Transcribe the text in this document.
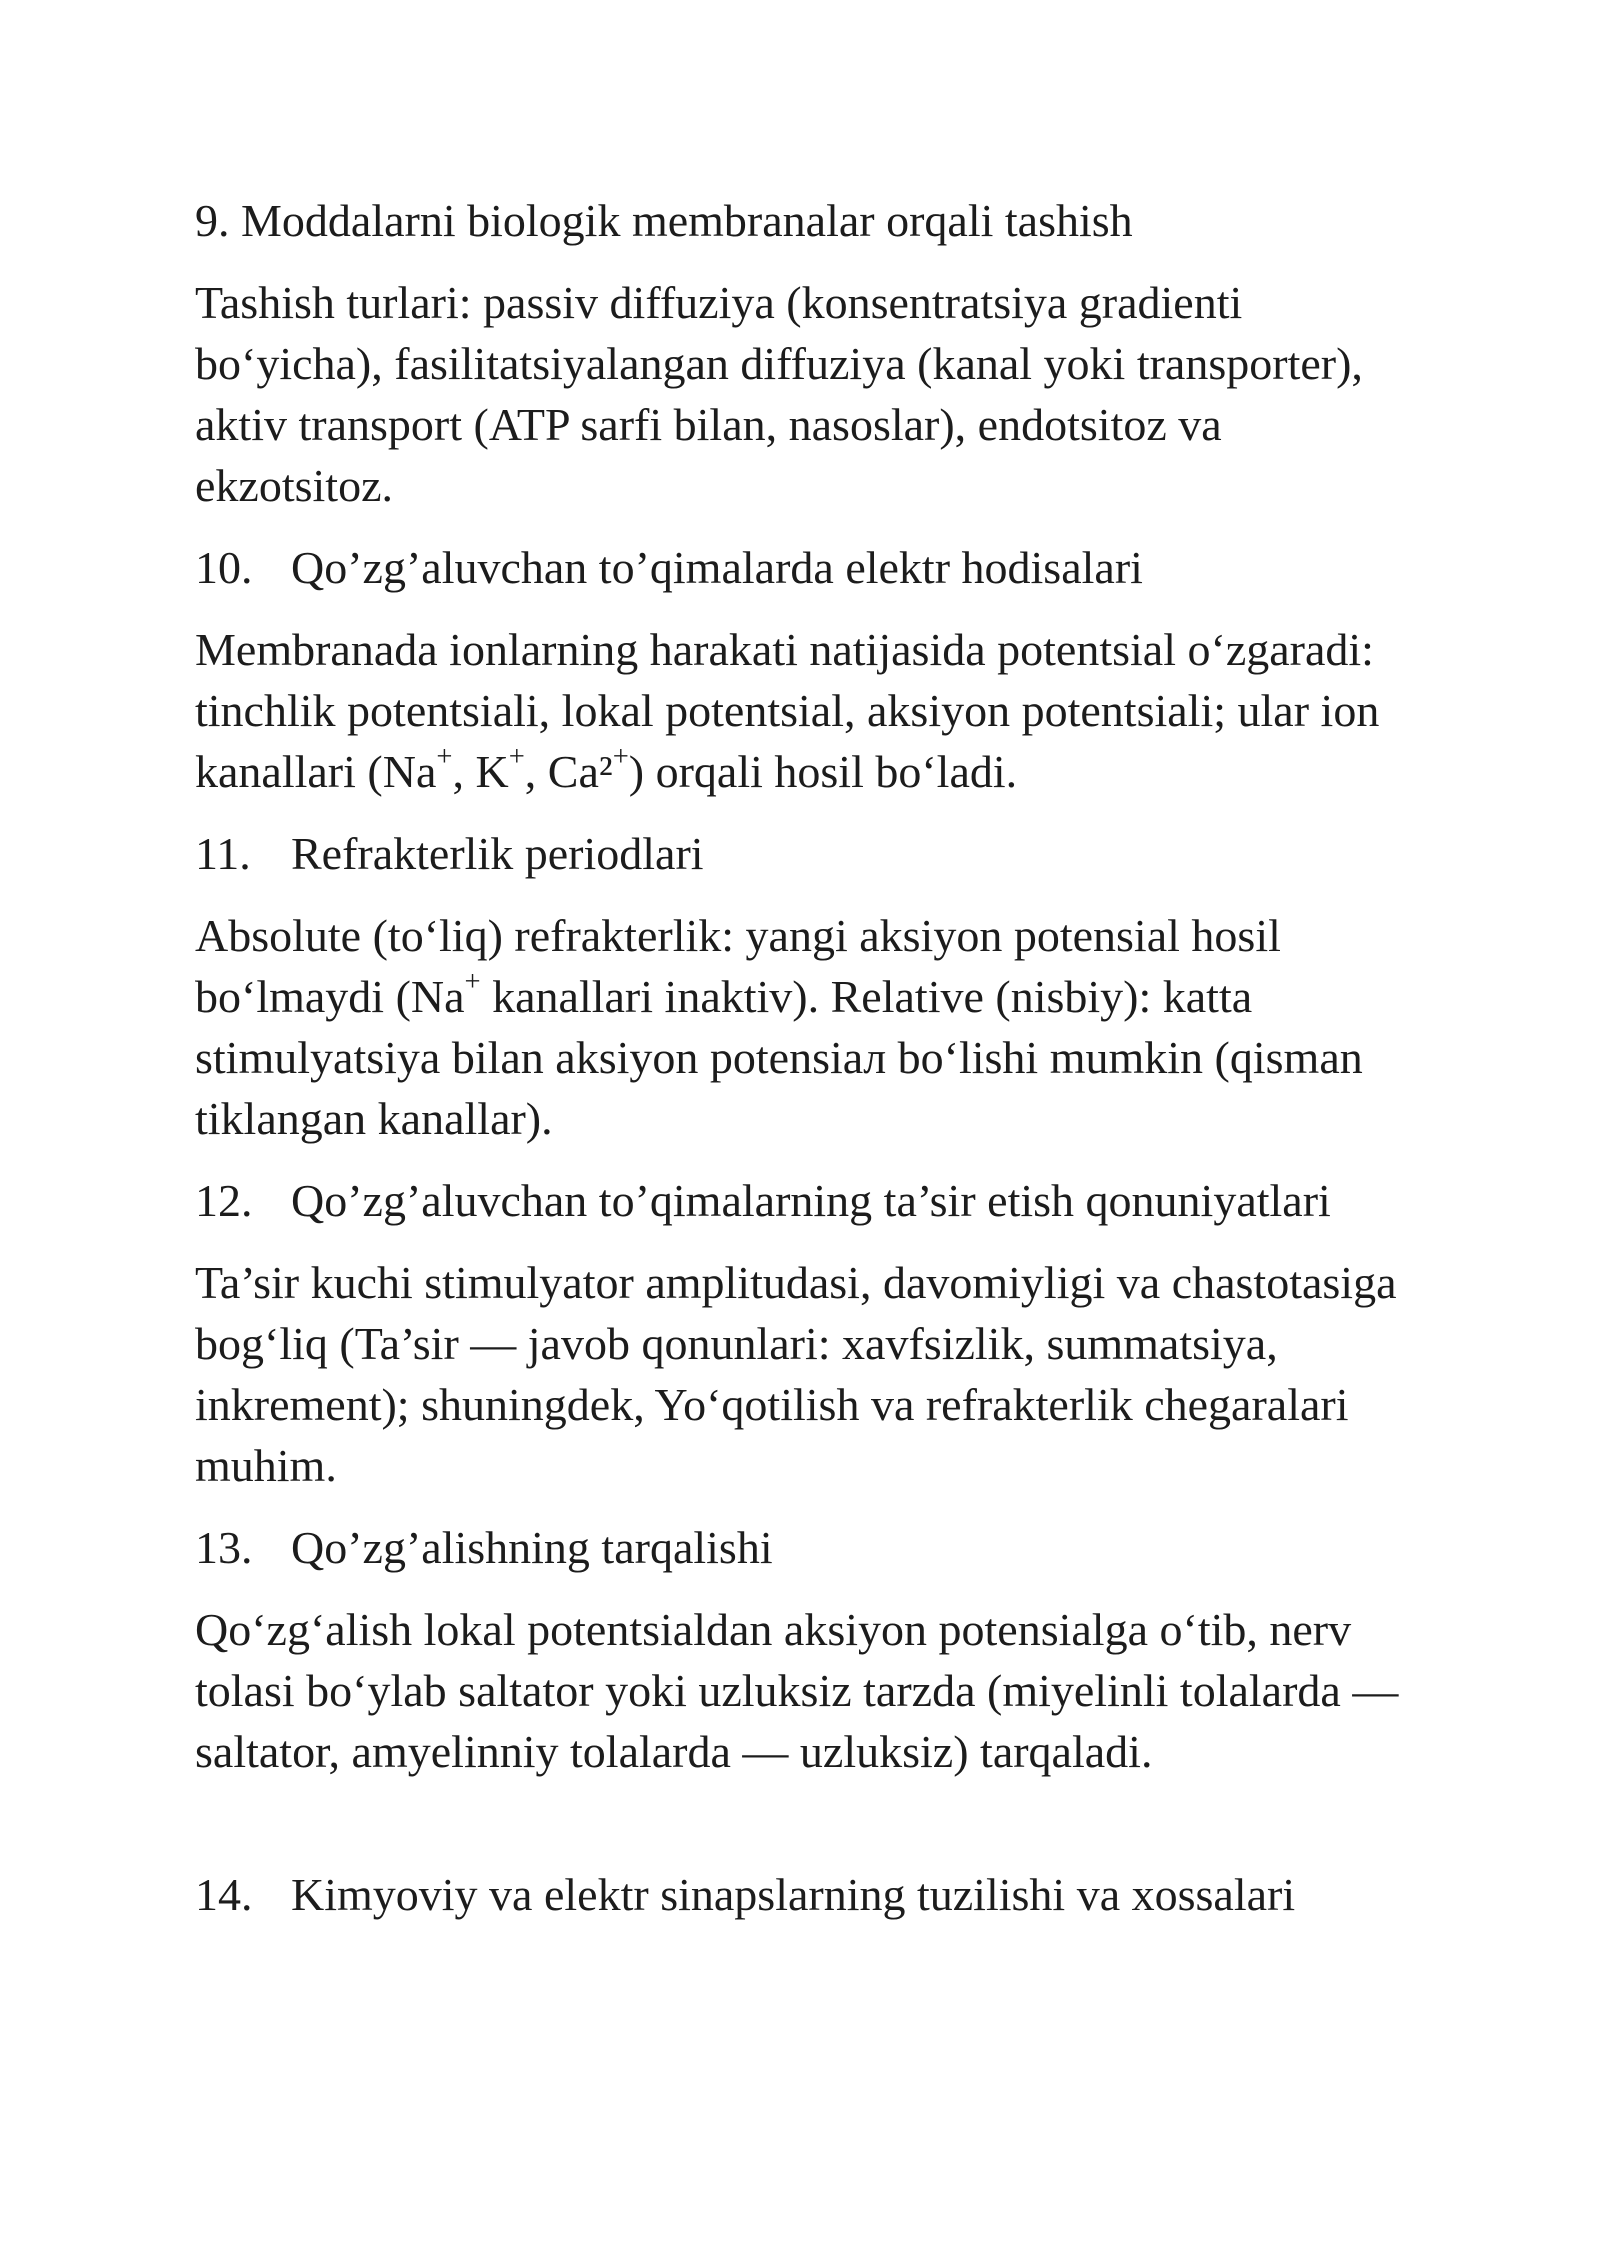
9. Moddalarni biologik membranalar orqali tashish

Tashish turlari: passiv diffuziya (konsentratsiya gradienti bo‘yicha), fasilitatsiyalangan diffuziya (kanal yoki transporter), aktiv transport (ATP sarfi bilan, nasoslar), endotsitoz va ekzotsitoz.

10. Qo’zg’aluvchan to’qimalarda elektr hodisalari

Membranada ionlarning harakati natijasida potentsial o‘zgaradi: tinchlik potentsiali, lokal potentsial, aksiyon potentsiali; ular ion kanallari (Na+, K+, Ca²+) orqali hosil bo‘ladi.

11. Refrakterlik periodlari

Absolute (to‘liq) refrakterlik: yangi aksiyon potensial hosil bo‘lmaydi (Na+ kanallari inaktiv). Relative (nisbiy): katta stimulyatsiya bilan aksiyon potensiaл bo‘lishi mumkin (qisman tiklangan kanallar).

12. Qo’zg’aluvchan to’qimalarning ta’sir etish qonuniyatlari

Ta’sir kuchi stimulyator amplitudasi, davomiyligi va chastotasiga bog‘liq (Ta’sir — javob qonunlari: xavfsizlik, summatsiya, inkrement); shuningdek, Yo‘qotilish va refrakterlik chegaralari muhim.

13. Qo’zg’alishning tarqalishi

Qo‘zg‘alish lokal potentsialdan aksiyon potensialga o‘tib, nerv tolasi bo‘ylab saltator yoki uzluksiz tarzda (miyelinli tolalarda — saltator, amyelinniy tolalarda — uzluksiz) tarqaladi.

14. Kimyoviy va elektr sinapslarning tuzilishi va xossalari
